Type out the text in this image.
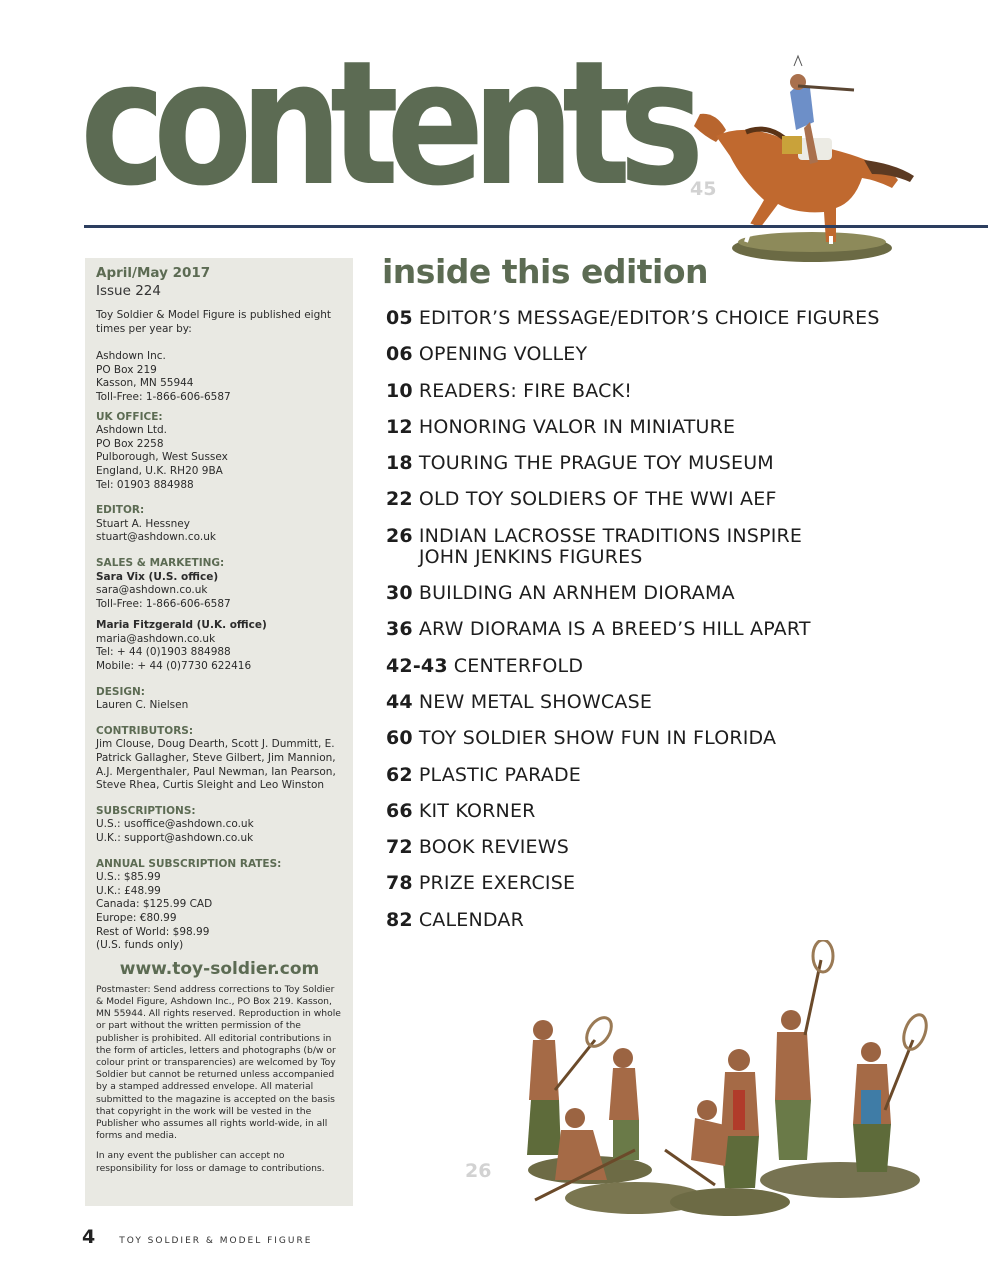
contents
45
April/May 2017
Issue 224
Toy Soldier & Model Figure is published eight times per year by:
Ashdown Inc.
PO Box 219
Kasson, MN 55944
Toll-Free: 1-866-606-6587
UK OFFICE:
Ashdown Ltd.
PO Box 2258
Pulborough, West Sussex
England, U.K. RH20 9BA
Tel: 01903 884988
EDITOR:
Stuart A. Hessney
stuart@ashdown.co.uk
SALES & MARKETING:
Sara Vix (U.S. office)
sara@ashdown.co.uk
Toll-Free: 1-866-606-6587
Maria Fitzgerald (U.K. office)
maria@ashdown.co.uk
Tel: + 44 (0)1903 884988
Mobile: + 44 (0)7730 622416
DESIGN:
Lauren C. Nielsen
CONTRIBUTORS:
Jim Clouse, Doug Dearth, Scott J. Dummitt, E. Patrick Gallagher, Steve Gilbert, Jim Mannion, A.J. Mergenthaler, Paul Newman, Ian Pearson, Steve Rhea, Curtis Sleight and Leo Winston
SUBSCRIPTIONS:
U.S.: usoffice@ashdown.co.uk
U.K.: support@ashdown.co.uk
ANNUAL SUBSCRIPTION RATES:
U.S.: $85.99
U.K.: £48.99
Canada: $125.99 CAD
Europe: €80.99
Rest of World: $98.99
(U.S. funds only)
www.toy-soldier.com
Postmaster: Send address corrections to Toy Soldier & Model Figure, Ashdown Inc., PO Box 219. Kasson, MN 55944. All rights reserved. Reproduction in whole or part without the written permission of the publisher is prohibited. All editorial contributions in the form of articles, letters and photographs (b/w or colour print or transparencies) are welcomed by Toy Soldier but cannot be returned unless accompanied by a stamped addressed envelope. All material submitted to the magazine is accepted on the basis that copyright in the work will be vested in the Publisher who assumes all rights world-wide, in all forms and media.
In any event the publisher can accept no responsibility for loss or damage to contributions.
inside this edition
05 EDITOR’S MESSAGE/EDITOR’S CHOICE FIGURES
06 OPENING VOLLEY
10 READERS: FIRE BACK!
12 HONORING VALOR IN MINIATURE
18 TOURING THE PRAGUE TOY MUSEUM
22 OLD TOY SOLDIERS OF THE WWI AEF
26 INDIAN LACROSSE TRADITIONS INSPIRE
JOHN JENKINS FIGURES
30 BUILDING AN ARNHEM DIORAMA
36 ARW DIORAMA IS A BREED’S HILL APART
42-43 CENTERFOLD
44 NEW METAL SHOWCASE
60 TOY SOLDIER SHOW FUN IN FLORIDA
62 PLASTIC PARADE
66 KIT KORNER
72 BOOK REVIEWS
78 PRIZE EXERCISE
82 CALENDAR
26
4	TOY SOLDIER & MODEL FIGURE
